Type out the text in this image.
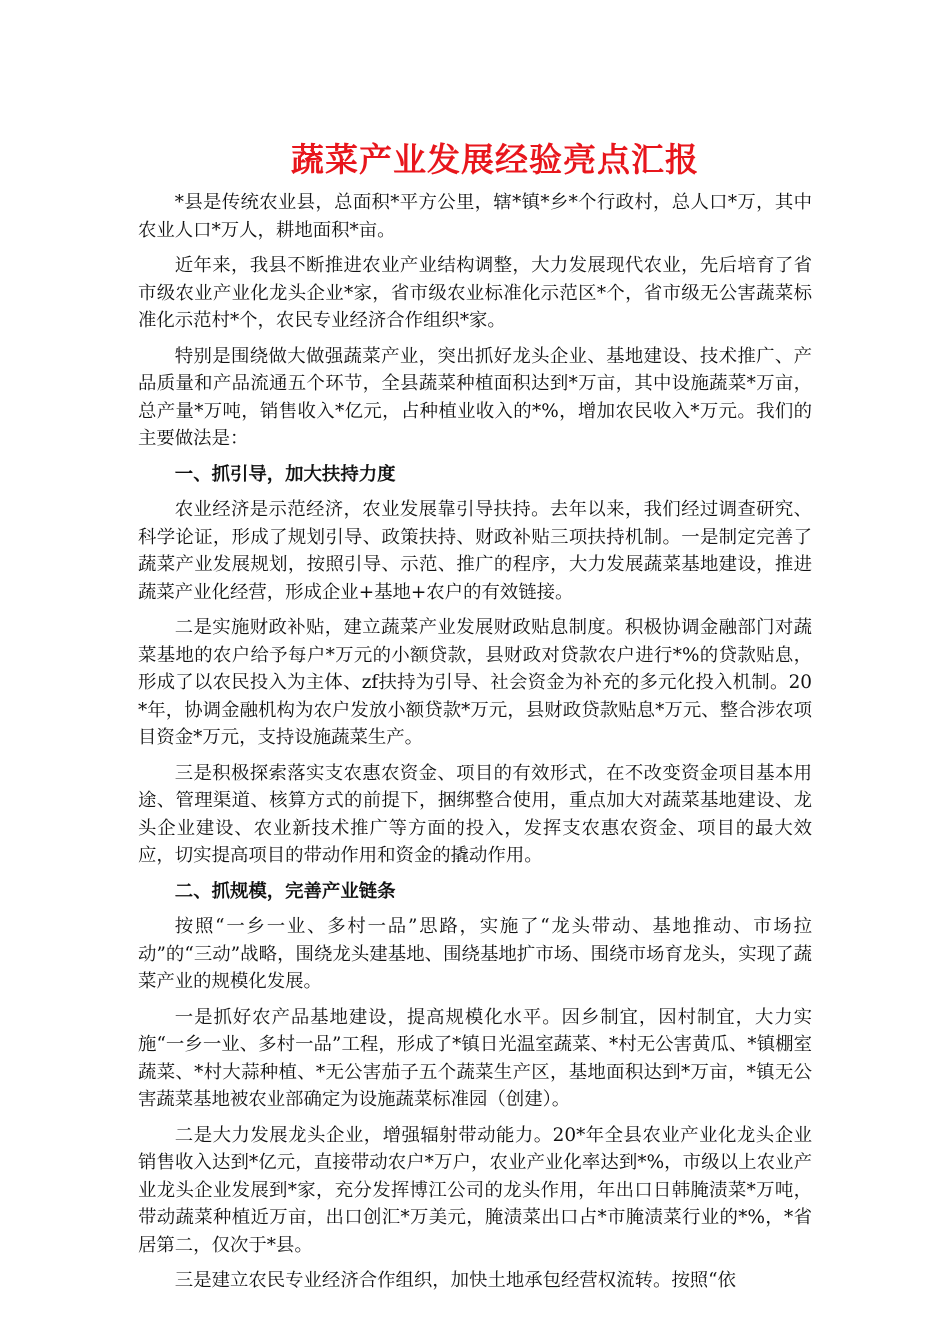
蔬菜产业发展经验亮点汇报

*县是传统农业县，总面积*平方公里，辖*镇*乡*个行政村，总人口*万，其中农业人口*万人，耕地面积*亩。

近年来，我县不断推进农业产业结构调整，大力发展现代农业，先后培育了省市级农业产业化龙头企业*家，省市级农业标准化示范区*个，省市级无公害蔬菜标准化示范村*个，农民专业经济合作组织*家。

特别是围绕做大做强蔬菜产业，突出抓好龙头企业、基地建设、技术推广、产品质量和产品流通五个环节，全县蔬菜种植面积达到*万亩，其中设施蔬菜*万亩，总产量*万吨，销售收入*亿元，占种植业收入的*%，增加农民收入*万元。我们的主要做法是：

一、抓引导，加大扶持力度

农业经济是示范经济，农业发展靠引导扶持。去年以来，我们经过调查研究、科学论证，形成了规划引导、政策扶持、财政补贴三项扶持机制。一是制定完善了蔬菜产业发展规划，按照引导、示范、推广的程序，大力发展蔬菜基地建设，推进蔬菜产业化经营，形成企业+基地+农户的有效链接。

二是实施财政补贴，建立蔬菜产业发展财政贴息制度。积极协调金融部门对蔬菜基地的农户给予每户*万元的小额贷款，县财政对贷款农户进行*%的贷款贴息，形成了以农民投入为主体、zf扶持为引导、社会资金为补充的多元化投入机制。20*年，协调金融机构为农户发放小额贷款*万元，县财政贷款贴息*万元、整合涉农项目资金*万元，支持设施蔬菜生产。

三是积极探索落实支农惠农资金、项目的有效形式，在不改变资金项目基本用途、管理渠道、核算方式的前提下，捆绑整合使用，重点加大对蔬菜基地建设、龙头企业建设、农业新技术推广等方面的投入，发挥支农惠农资金、项目的最大效应，切实提高项目的带动作用和资金的撬动作用。

二、抓规模，完善产业链条

按照“一乡一业、多村一品”思路，实施了“龙头带动、基地推动、市场拉动”的“三动”战略，围绕龙头建基地、围绕基地扩市场、围绕市场育龙头，实现了蔬菜产业的规模化发展。

一是抓好农产品基地建设，提高规模化水平。因乡制宜，因村制宜，大力实施“一乡一业、多村一品”工程，形成了*镇日光温室蔬菜、*村无公害黄瓜、*镇棚室蔬菜、*村大蒜种植、*无公害茄子五个蔬菜生产区，基地面积达到*万亩，*镇无公害蔬菜基地被农业部确定为设施蔬菜标准园（创建）。

二是大力发展龙头企业，增强辐射带动能力。20*年全县农业产业化龙头企业销售收入达到*亿元，直接带动农户*万户，农业产业化率达到*%，市级以上农业产业龙头企业发展到*家，充分发挥博江公司的龙头作用，年出口日韩腌渍菜*万吨，带动蔬菜种植近万亩，出口创汇*万美元，腌渍菜出口占*市腌渍菜行业的*%，*省居第二，仅次于*县。

三是建立农民专业经济合作组织，加快土地承包经营权流转。按照“依
